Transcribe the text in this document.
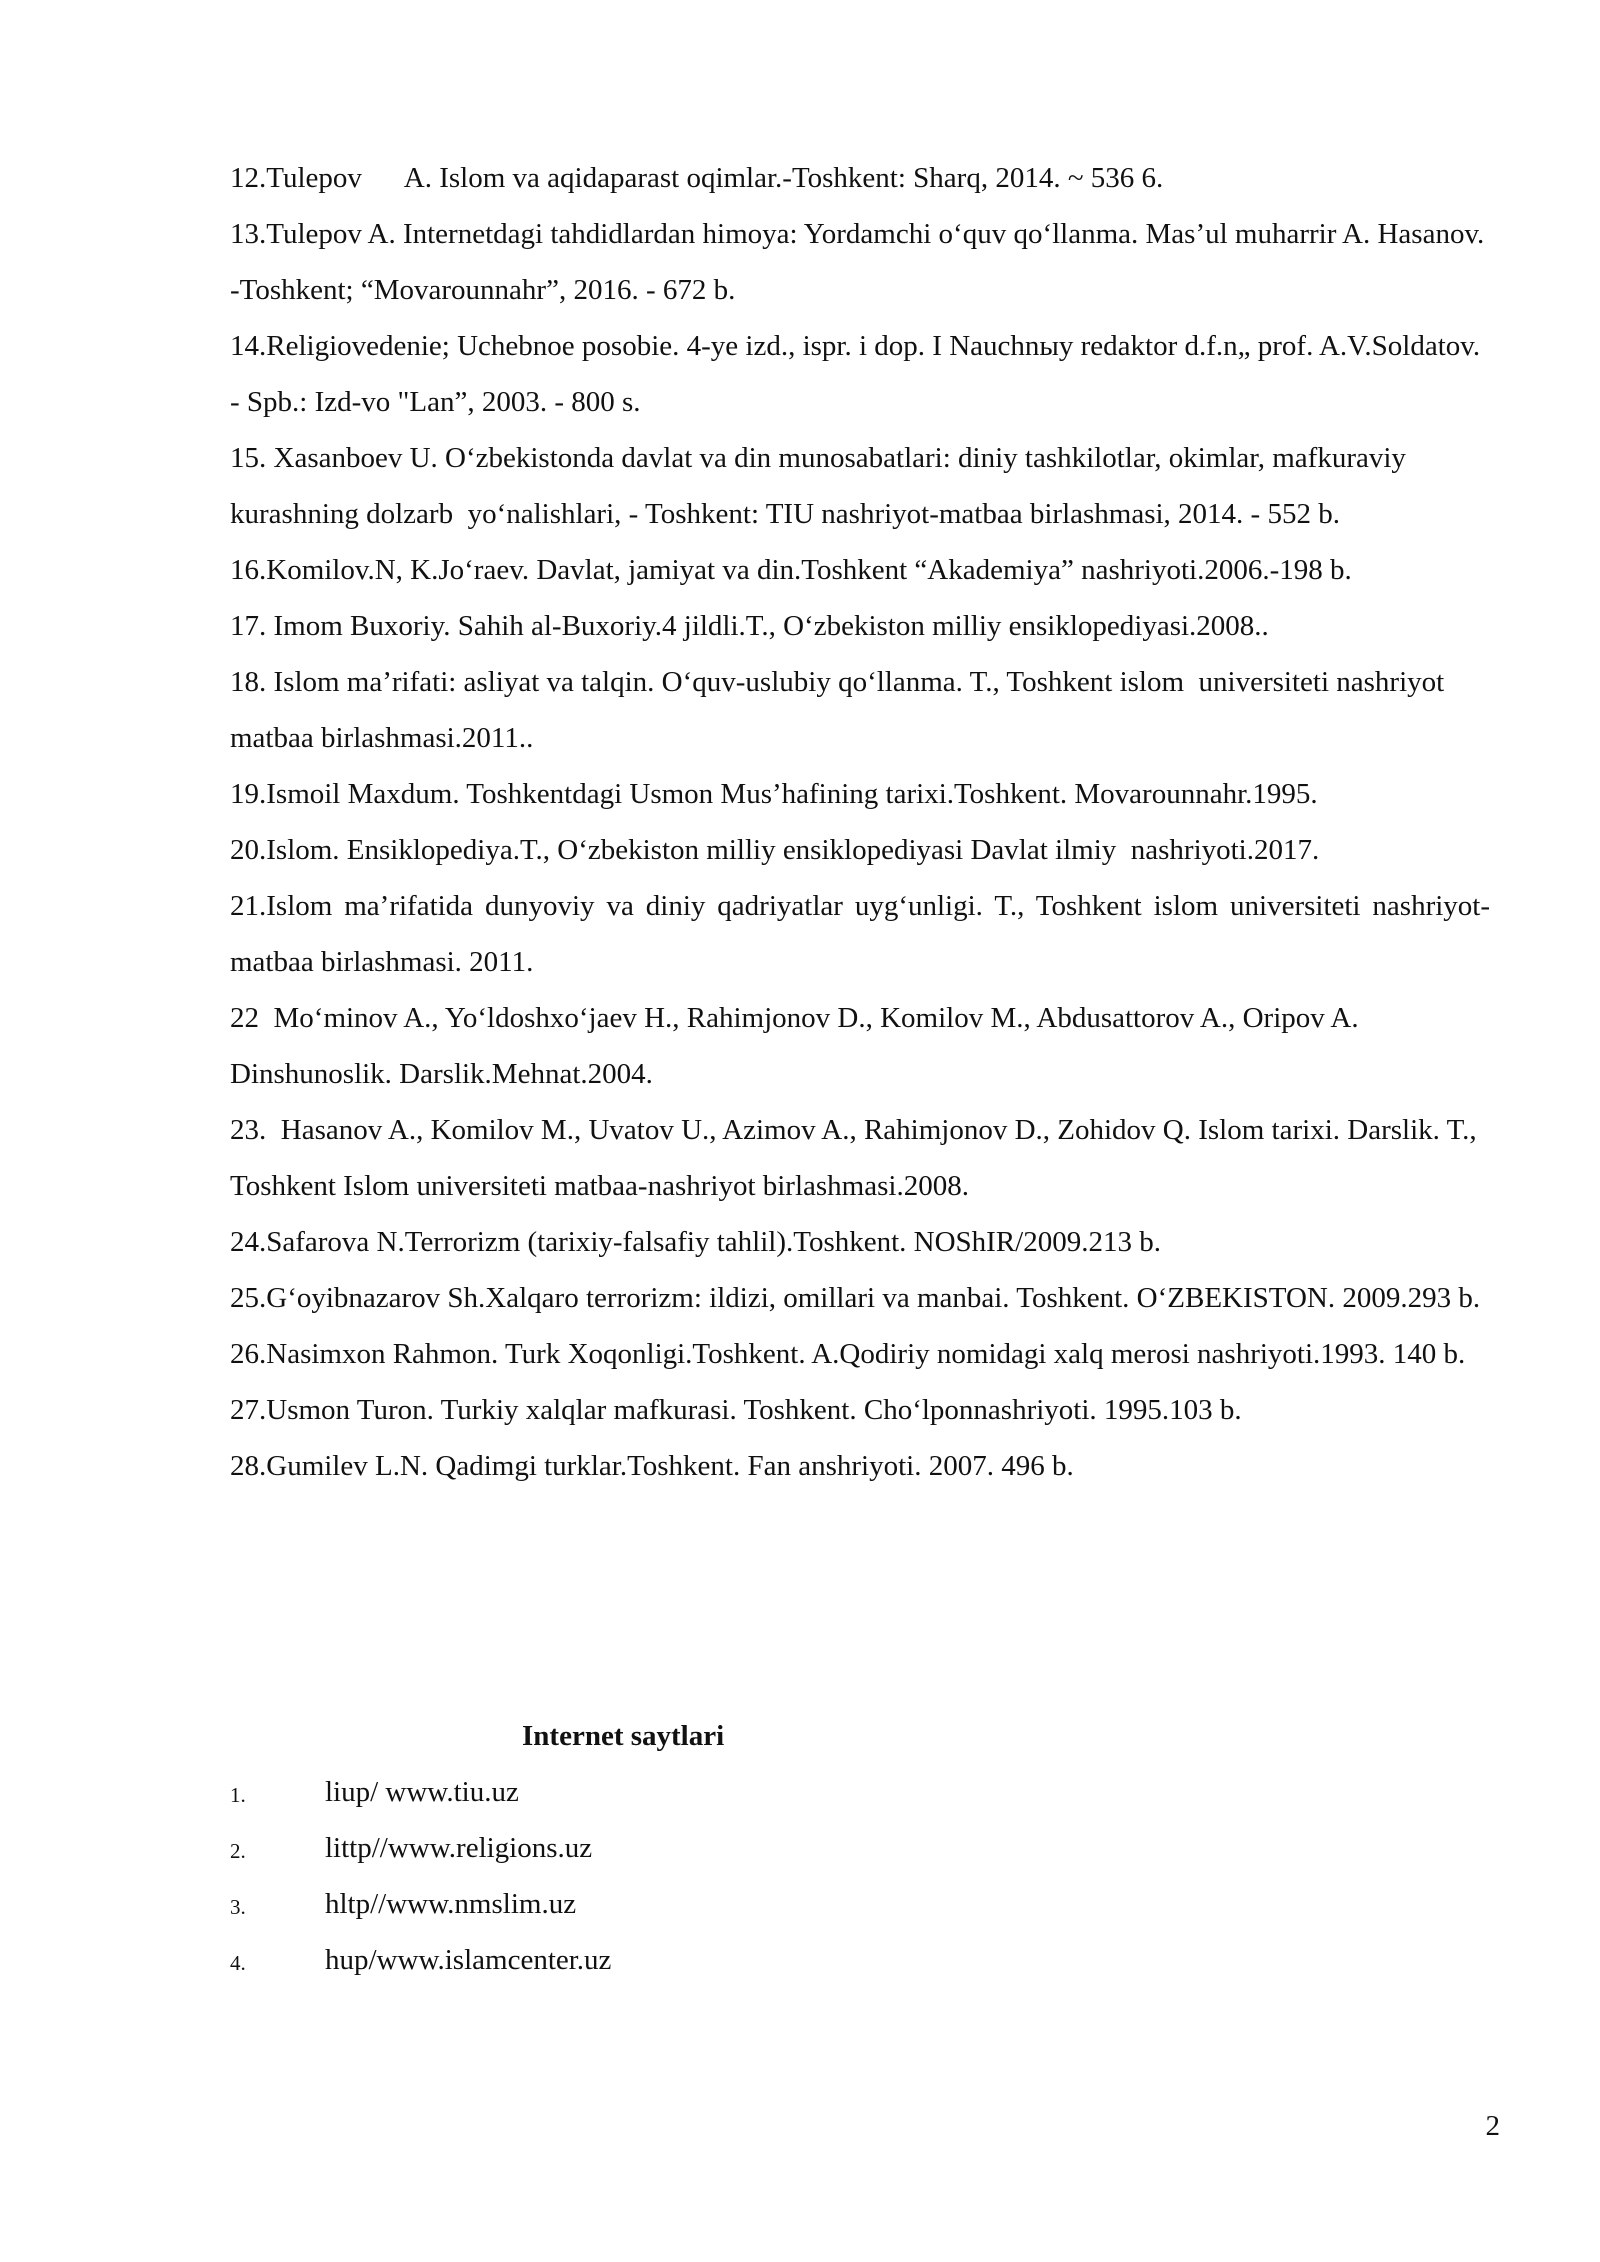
12.Tulepov      A. Islom va aqidaparast oqimlar.-Toshkent: Sharq, 2014. ~ 536 6.

13.Tulepov A. Internetdagi tahdidlardan himoya: Yordamchi o‘quv qo‘llanma. Mas’ul muharrir A. Hasanov. -Toshkent; “Movarounnahr”, 2016. - 672 b.

14.Religiovedenie; Uchebnoe posobie. 4-ye izd., ispr. i dop. I Nauchnыy redaktor d.f.n„ prof. A.V.Soldatov. - Spb.: Izd-vo "Lan”, 2003. - 800 s.

15. Xasanboev U. O‘zbekistonda davlat va din munosabatlari: diniy tashkilotlar, okimlar, mafkuraviy kurashning dolzarb  yo‘nalishlari, - Toshkent: TIU nashriyot-matbaa birlashmasi, 2014. - 552 b.

16.Komilov.N, K.Jo‘raev. Davlat, jamiyat va din.Toshkent “Akademiya” nashriyoti.2006.-198 b.

17. Imom Buxoriy. Sahih al-Buxoriy.4 jildli.T., O‘zbekiston milliy ensiklopediyasi.2008..

18. Islom ma’rifati: asliyat va talqin. O‘quv-uslubiy qo‘llanma. T., Toshkent islom  universiteti nashriyot matbaa birlashmasi.2011..

19.Ismoil Maxdum. Toshkentdagi Usmon Mus’hafining tarixi.Toshkent. Movarounnahr.1995.

20.Islom. Ensiklopediya.T., O‘zbekiston milliy ensiklopediyasi Davlat ilmiy  nashriyoti.2017.

21.Islom ma’rifatida dunyoviy va diniy qadriyatlar uyg‘unligi. T., Toshkent islom universiteti nashriyot-matbaa birlashmasi. 2011.

22  Mo‘minov A., Yo‘ldoshxo‘jaev H., Rahimjonov D., Komilov M., Abdusattorov A., Oripov A. Dinshunoslik. Darslik.Mehnat.2004.

23.  Hasanov A., Komilov M., Uvatov U., Azimov A., Rahimjonov D., Zohidov Q. Islom tarixi. Darslik. T., Toshkent Islom universiteti matbaa-nashriyot birlashmasi.2008.

24.Safarova N.Terrorizm (tarixiy-falsafiy tahlil).Toshkent. NOShIR/2009.213 b.

25.G‘oyibnazarov Sh.Xalqaro terrorizm: ildizi, omillari va manbai. Toshkent. O‘ZBEKISTON. 2009.293 b.

26.Nasimxon Rahmon. Turk Xoqonligi.Toshkent. A.Qodiriy nomidagi xalq merosi nashriyoti.1993. 140 b.

27.Usmon Turon. Turkiy xalqlar mafkurasi. Toshkent. Cho‘lponnashriyoti. 1995.103 b.

28.Gumilev L.N. Qadimgi turklar.Toshkent. Fan anshriyoti. 2007. 496 b.

Internet saytlari

1.	liup/ www.tiu.uz
2.	littp//www.religions.uz
3.	hltp//www.nmslim.uz
4.	hup/www.islamcenter.uz
2
